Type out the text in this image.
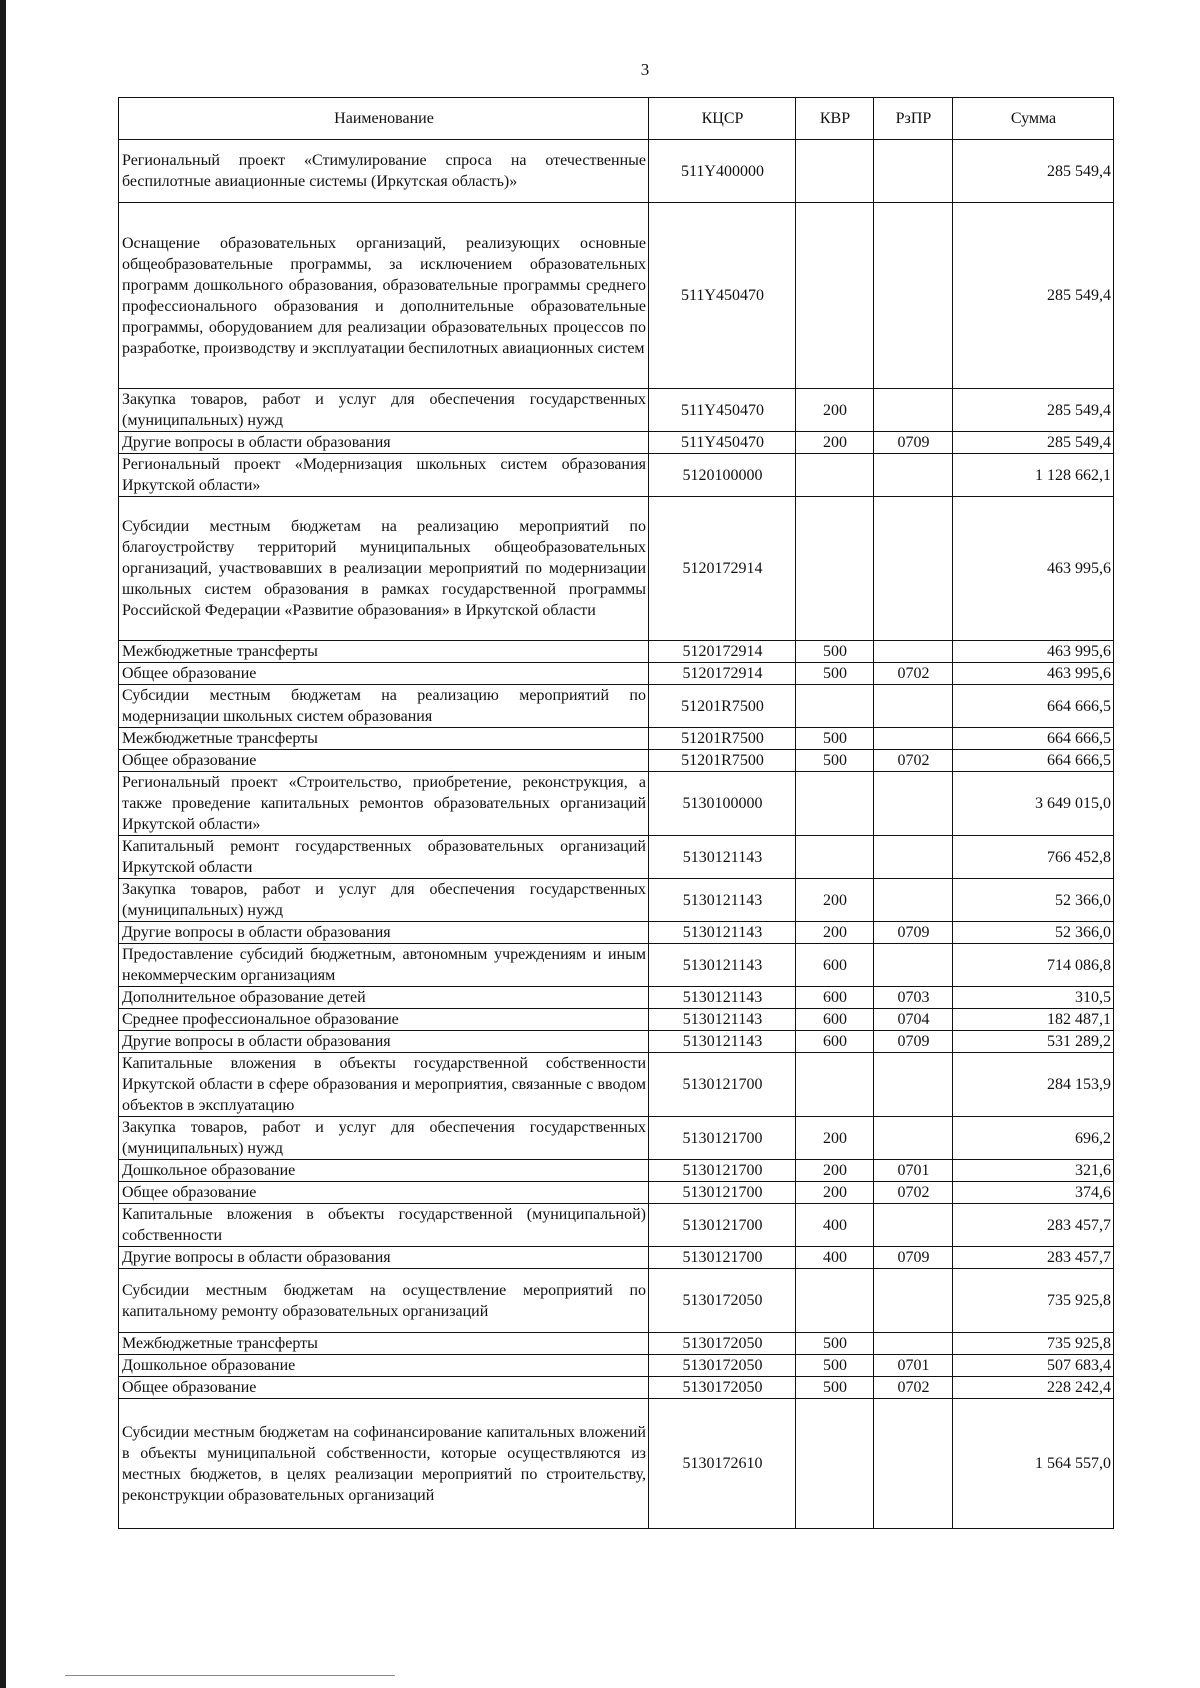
3
Наименование	КЦСР	КВР	РзПР	Сумма
Региональный проект «Стимулирование спроса на отечественные беспилотные авиационные системы (Иркутская область)»	511Y400000			285 549,4
Оснащение образовательных организаций, реализующих основные общеобразовательные программы, за исключением образовательных программ дошкольного образования, образовательные программы среднего профессионального образования и дополнительные образовательные программы, оборудованием для реализации образовательных процессов по разработке, производству и эксплуатации беспилотных авиационных систем	511Y450470			285 549,4
Закупка товаров, работ и услуг для обеспечения государственных (муниципальных) нужд	511Y450470	200		285 549,4
Другие вопросы в области образования	511Y450470	200	0709	285 549,4
Региональный проект «Модернизация школьных систем образования Иркутской области»	5120100000			1 128 662,1
Субсидии местным бюджетам на реализацию мероприятий по благоустройству территорий муниципальных общеобразовательных организаций, участвовавших в реализации мероприятий по модернизации школьных систем образования в рамках государственной программы Российской Федерации «Развитие образования» в Иркутской области	5120172914			463 995,6
Межбюджетные трансферты	5120172914	500		463 995,6
Общее образование	5120172914	500	0702	463 995,6
Субсидии местным бюджетам на реализацию мероприятий по модернизации школьных систем образования	51201R7500			664 666,5
Межбюджетные трансферты	51201R7500	500		664 666,5
Общее образование	51201R7500	500	0702	664 666,5
Региональный проект «Строительство, приобретение, реконструкция, а также проведение капитальных ремонтов образовательных организаций Иркутской области»	5130100000			3 649 015,0
Капитальный ремонт государственных образовательных организаций Иркутской области	5130121143			766 452,8
Закупка товаров, работ и услуг для обеспечения государственных (муниципальных) нужд	5130121143	200		52 366,0
Другие вопросы в области образования	5130121143	200	0709	52 366,0
Предоставление субсидий бюджетным, автономным учреждениям и иным некоммерческим организациям	5130121143	600		714 086,8
Дополнительное образование детей	5130121143	600	0703	310,5
Среднее профессиональное образование	5130121143	600	0704	182 487,1
Другие вопросы в области образования	5130121143	600	0709	531 289,2
Капитальные вложения в объекты государственной собственности Иркутской области в сфере образования и мероприятия, связанные с вводом объектов в эксплуатацию	5130121700			284 153,9
Закупка товаров, работ и услуг для обеспечения государственных (муниципальных) нужд	5130121700	200		696,2
Дошкольное образование	5130121700	200	0701	321,6
Общее образование	5130121700	200	0702	374,6
Капитальные вложения в объекты государственной (муниципальной) собственности	5130121700	400		283 457,7
Другие вопросы в области образования	5130121700	400	0709	283 457,7
Субсидии местным бюджетам на осуществление мероприятий по капитальному ремонту образовательных организаций	5130172050			735 925,8
Межбюджетные трансферты	5130172050	500		735 925,8
Дошкольное образование	5130172050	500	0701	507 683,4
Общее образование	5130172050	500	0702	228 242,4
Субсидии местным бюджетам на софинансирование капитальных вложений в объекты муниципальной собственности, которые осуществляются из местных бюджетов, в целях реализации мероприятий по строительству, реконструкции образовательных организаций	5130172610			1 564 557,0
